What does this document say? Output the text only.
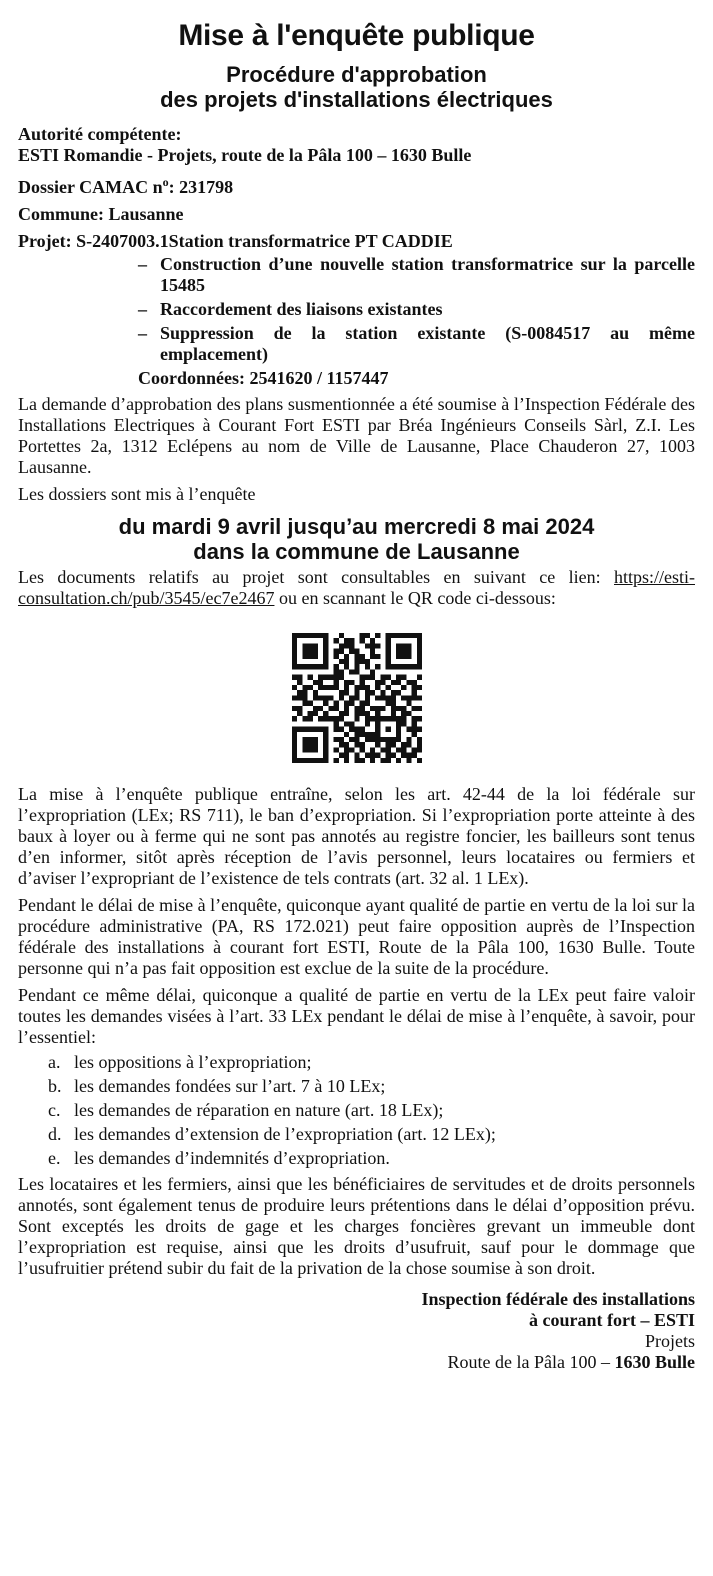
Mise à l'enquête publique
Procédure d'approbation
des projets d'installations électriques

Autorité compétente:

ESTI Romandie - Projets, route de la Pâla 100 – 1630 Bulle

Dossier CAMAC $n^o$: 231798

Commune: Lausanne

Projet: S-2407003.1Station transformatrice PT CADDIE

– Construction d’une nouvelle station transformatrice sur la parcelle 15485
– Raccordement des liaisons existantes
– Suppression de la station existante (S-0084517 au même emplacement)
Coordonnées: 2541620 / 1157447

La demande d’approbation des plans susmentionnée a été soumise à l’Inspection Fédérale des Installations Electriques à Courant Fort ESTI par Bréa Ingénieurs Conseils Sàrl, Z.I. Les Portettes 2a, 1312 Eclépens au nom de Ville de Lausanne, Place Chauderon 27, 1003 Lausanne.

Les dossiers sont mis à l’enquête

du mardi 9 avril jusqu’au mercredi 8 mai 2024
dans la commune de Lausanne

Les documents relatifs au projet sont consultables en suivant ce lien: https://esti-consultation.ch/pub/3545/ec7e2467 ou en scannant le QR code ci-dessous:

La mise à l’enquête publique entraîne, selon les art. 42-44 de la loi fédérale sur l’expropriation (LEx; RS 711), le ban d’expropriation. Si l’expropriation porte atteinte à des baux à loyer ou à ferme qui ne sont pas annotés au registre foncier, les bailleurs sont tenus d’en informer, sitôt après réception de l’avis personnel, leurs locataires ou fermiers et d’aviser l’expropriant de l’existence de tels contrats (art. 32 al. 1 LEx).

Pendant le délai de mise à l’enquête, quiconque ayant qualité de partie en vertu de la loi sur la procédure administrative (PA, RS 172.021) peut faire opposition auprès de l’Inspection fédérale des installations à courant fort ESTI, Route de la Pâla 100, 1630 Bulle. Toute personne qui n’a pas fait opposition est exclue de la suite de la procédure.

Pendant ce même délai, quiconque a qualité de partie en vertu de la LEx peut faire valoir toutes les demandes visées à l’art. 33 LEx pendant le délai de mise à l’enquête, à savoir, pour l’essentiel:

a. les oppositions à l’expropriation;
b. les demandes fondées sur l’art. 7 à 10 LEx;
c. les demandes de réparation en nature (art. 18 LEx);
d. les demandes d’extension de l’expropriation (art. 12 LEx);
e. les demandes d’indemnités d’expropriation.

Les locataires et les fermiers, ainsi que les bénéficiaires de servitudes et de droits personnels annotés, sont également tenus de produire leurs prétentions dans le délai d’opposition prévu. Sont exceptés les droits de gage et les charges foncières grevant un immeuble dont l’expropriation est requise, ainsi que les droits d’usufruit, sauf pour le dommage que l’usufruitier prétend subir du fait de la privation de la chose soumise à son droit.

Inspection fédérale des installations
à courant fort – ESTI
Projets
Route de la Pâla 100 – 1630 Bulle
